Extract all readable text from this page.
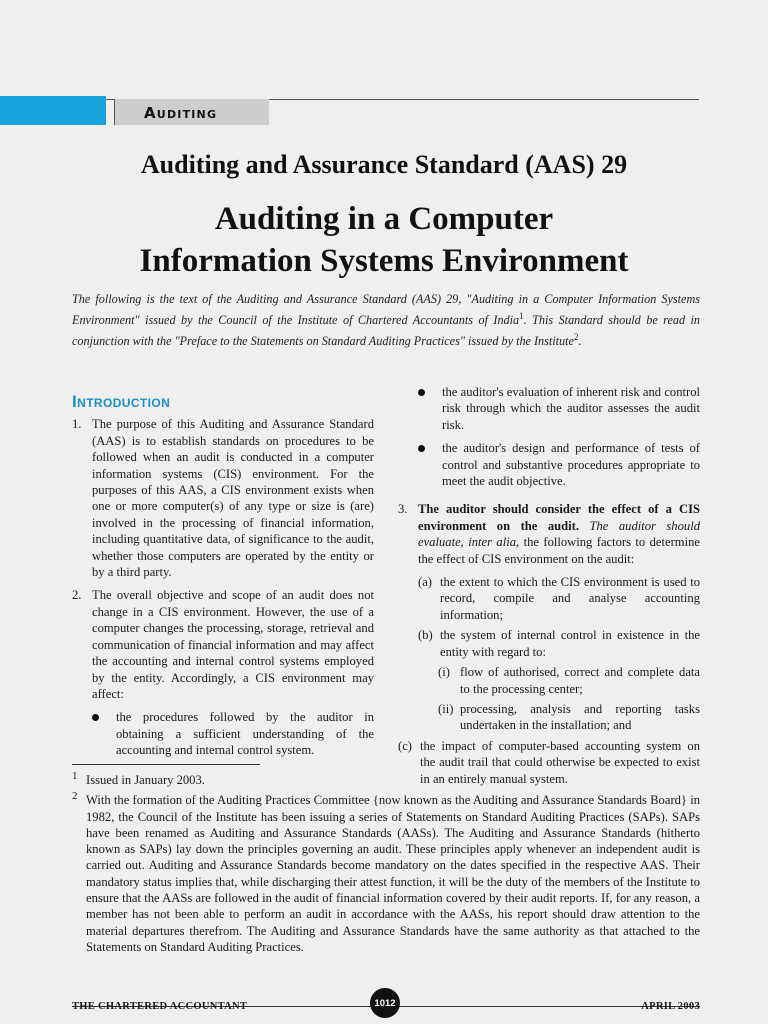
Auditing
Auditing and Assurance Standard (AAS) 29
Auditing in a Computer
Information Systems Environment
The following is the text of the Auditing and Assurance Standard (AAS) 29, "Auditing in a Computer Information Systems Environment" issued by the Council of the Institute of Chartered Accountants of India$^1$. This Standard should be read in conjunction with the "Preface to the Statements on Standard Auditing Practices" issued by the Institute$^2$.
Introduction
1. The purpose of this Auditing and Assurance Standard (AAS) is to establish standards on procedures to be followed when an audit is conducted in a computer information systems (CIS) environment. For the purposes of this AAS, a CIS environment exists when one or more computer(s) of any type or size is (are) involved in the processing of financial information, including quantitative data, of significance to the audit, whether those computers are operated by the entity or by a third party.
2. The overall objective and scope of an audit does not change in a CIS environment. However, the use of a computer changes the processing, storage, retrieval and communication of financial information and may affect the accounting and internal control systems employed by the entity. Accordingly, a CIS environment may affect:
the procedures followed by the auditor in obtaining a sufficient understanding of the accounting and internal control system.
the auditor's evaluation of inherent risk and control risk through which the auditor assesses the audit risk.
the auditor's design and performance of tests of control and substantive procedures appropriate to meet the audit objective.
3. The auditor should consider the effect of a CIS environment on the audit. The auditor should evaluate, inter alia, the following factors to determine the effect of CIS environment on the audit:
(a) the extent to which the CIS environment is used to record, compile and analyse accounting information;
(b) the system of internal control in existence in the entity with regard to:
(i) flow of authorised, correct and complete data to the processing center;
(ii) processing, analysis and reporting tasks undertaken in the installation; and
(c) the impact of computer-based accounting system on the audit trail that could otherwise be expected to exist in an entirely manual system.
1 Issued in January 2003.
2 With the formation of the Auditing Practices Committee {now known as the Auditing and Assurance Standards Board} in 1982, the Council of the Institute has been issuing a series of Statements on Standard Auditing Practices (SAPs). SAPs have been renamed as Auditing and Assurance Standards (AASs). The Auditing and Assurance Standards (hitherto known as SAPs) lay down the principles governing an audit. These principles apply whenever an independent audit is carried out. Auditing and Assurance Standards become mandatory on the dates specified in the respective AAS. Their mandatory status implies that, while discharging their attest function, it will be the duty of the members of the Institute to ensure that the AASs are followed in the audit of financial information covered by their audit reports. If, for any reason, a member has not been able to perform an audit in accordance with the AASs, his report should draw attention to the material departures therefrom. The Auditing and Assurance Standards have the same authority as that attached to the Statements on Standard Auditing Practices.
THE CHARTERED ACCOUNTANT	1012	APRIL 2003
